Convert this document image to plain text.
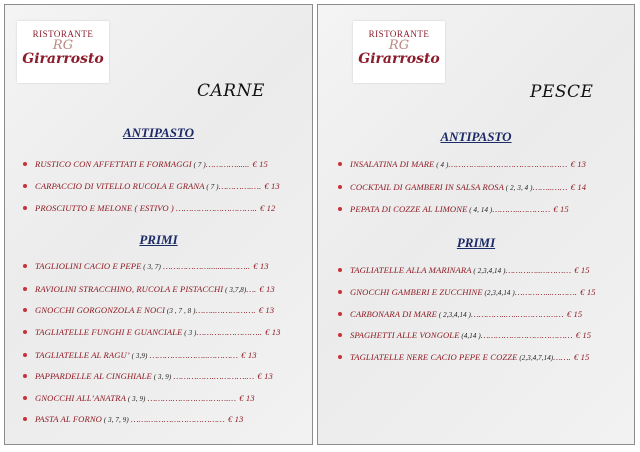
RISTORANTE
RG
Girarrosto
CARNE
ANTIPASTO
RUSTICO CON AFFETTATI E FORMAGGI ( 7 )…………...... € 15
CARPACCIO DI VITELLO RUCOLA E GRANA ( 7 )………….…. € 13
PROSCIUTTO E MELONE ( ESTIVO ) ………………………….. € 12
PRIMI
TAGLIOLINI CACIO E PEPE ( 3, 7) ………………..........…….. € 13
RAVIOLINI STRACCHINO, RUCOLA E PISTACCHI ( 3,7,8)…. € 13
GNOCCHI GORGONZOLA E NOCI (3 , 7 , 8 )……..……………. € 13
TAGLIATELLE FUNGHI E GUANCIALE ( 3 )…………………….. € 13
TAGLIATELLE AL RAGU’ ( 3,9) …………………..………… € 13
PAPPARDELLE AL CINGHIALE ( 3, 9) …………….………….… € 13
GNOCCHI ALL’ANATRA ( 3, 9) ……….………………….… € 13
PASTA AL FORNO ( 3, 7, 9) …….………………………… € 13
RISTORANTE
RG
Girarrosto
PESCE
ANTIPASTO
INSALATINA DI MARE ( 4 )…………..…………………………… € 13
COCKTAIL DI GAMBERI IN SALSA ROSA ( 2, 3, 4 )……..…… € 14
PEPATA DI COZZE AL LIMONE ( 4, 14 )………..………… € 15
PRIMI
TAGLIATELLE ALLA MARINARA ( 2,3,4,14 )…………..………… € 15
GNOCCHI GAMBERI E ZUCCHINE (2,3,4,14 )…………...………. € 15
CARBONARA DI MARE ( 2,3,4,14 )…………..…..……………… € 15
SPAGHETTI ALLE VONGOLE (4,14 )……………………………… € 15
TAGLIATELLE NERE CACIO PEPE E COZZE (2,3,4,7,14)……. € 15
